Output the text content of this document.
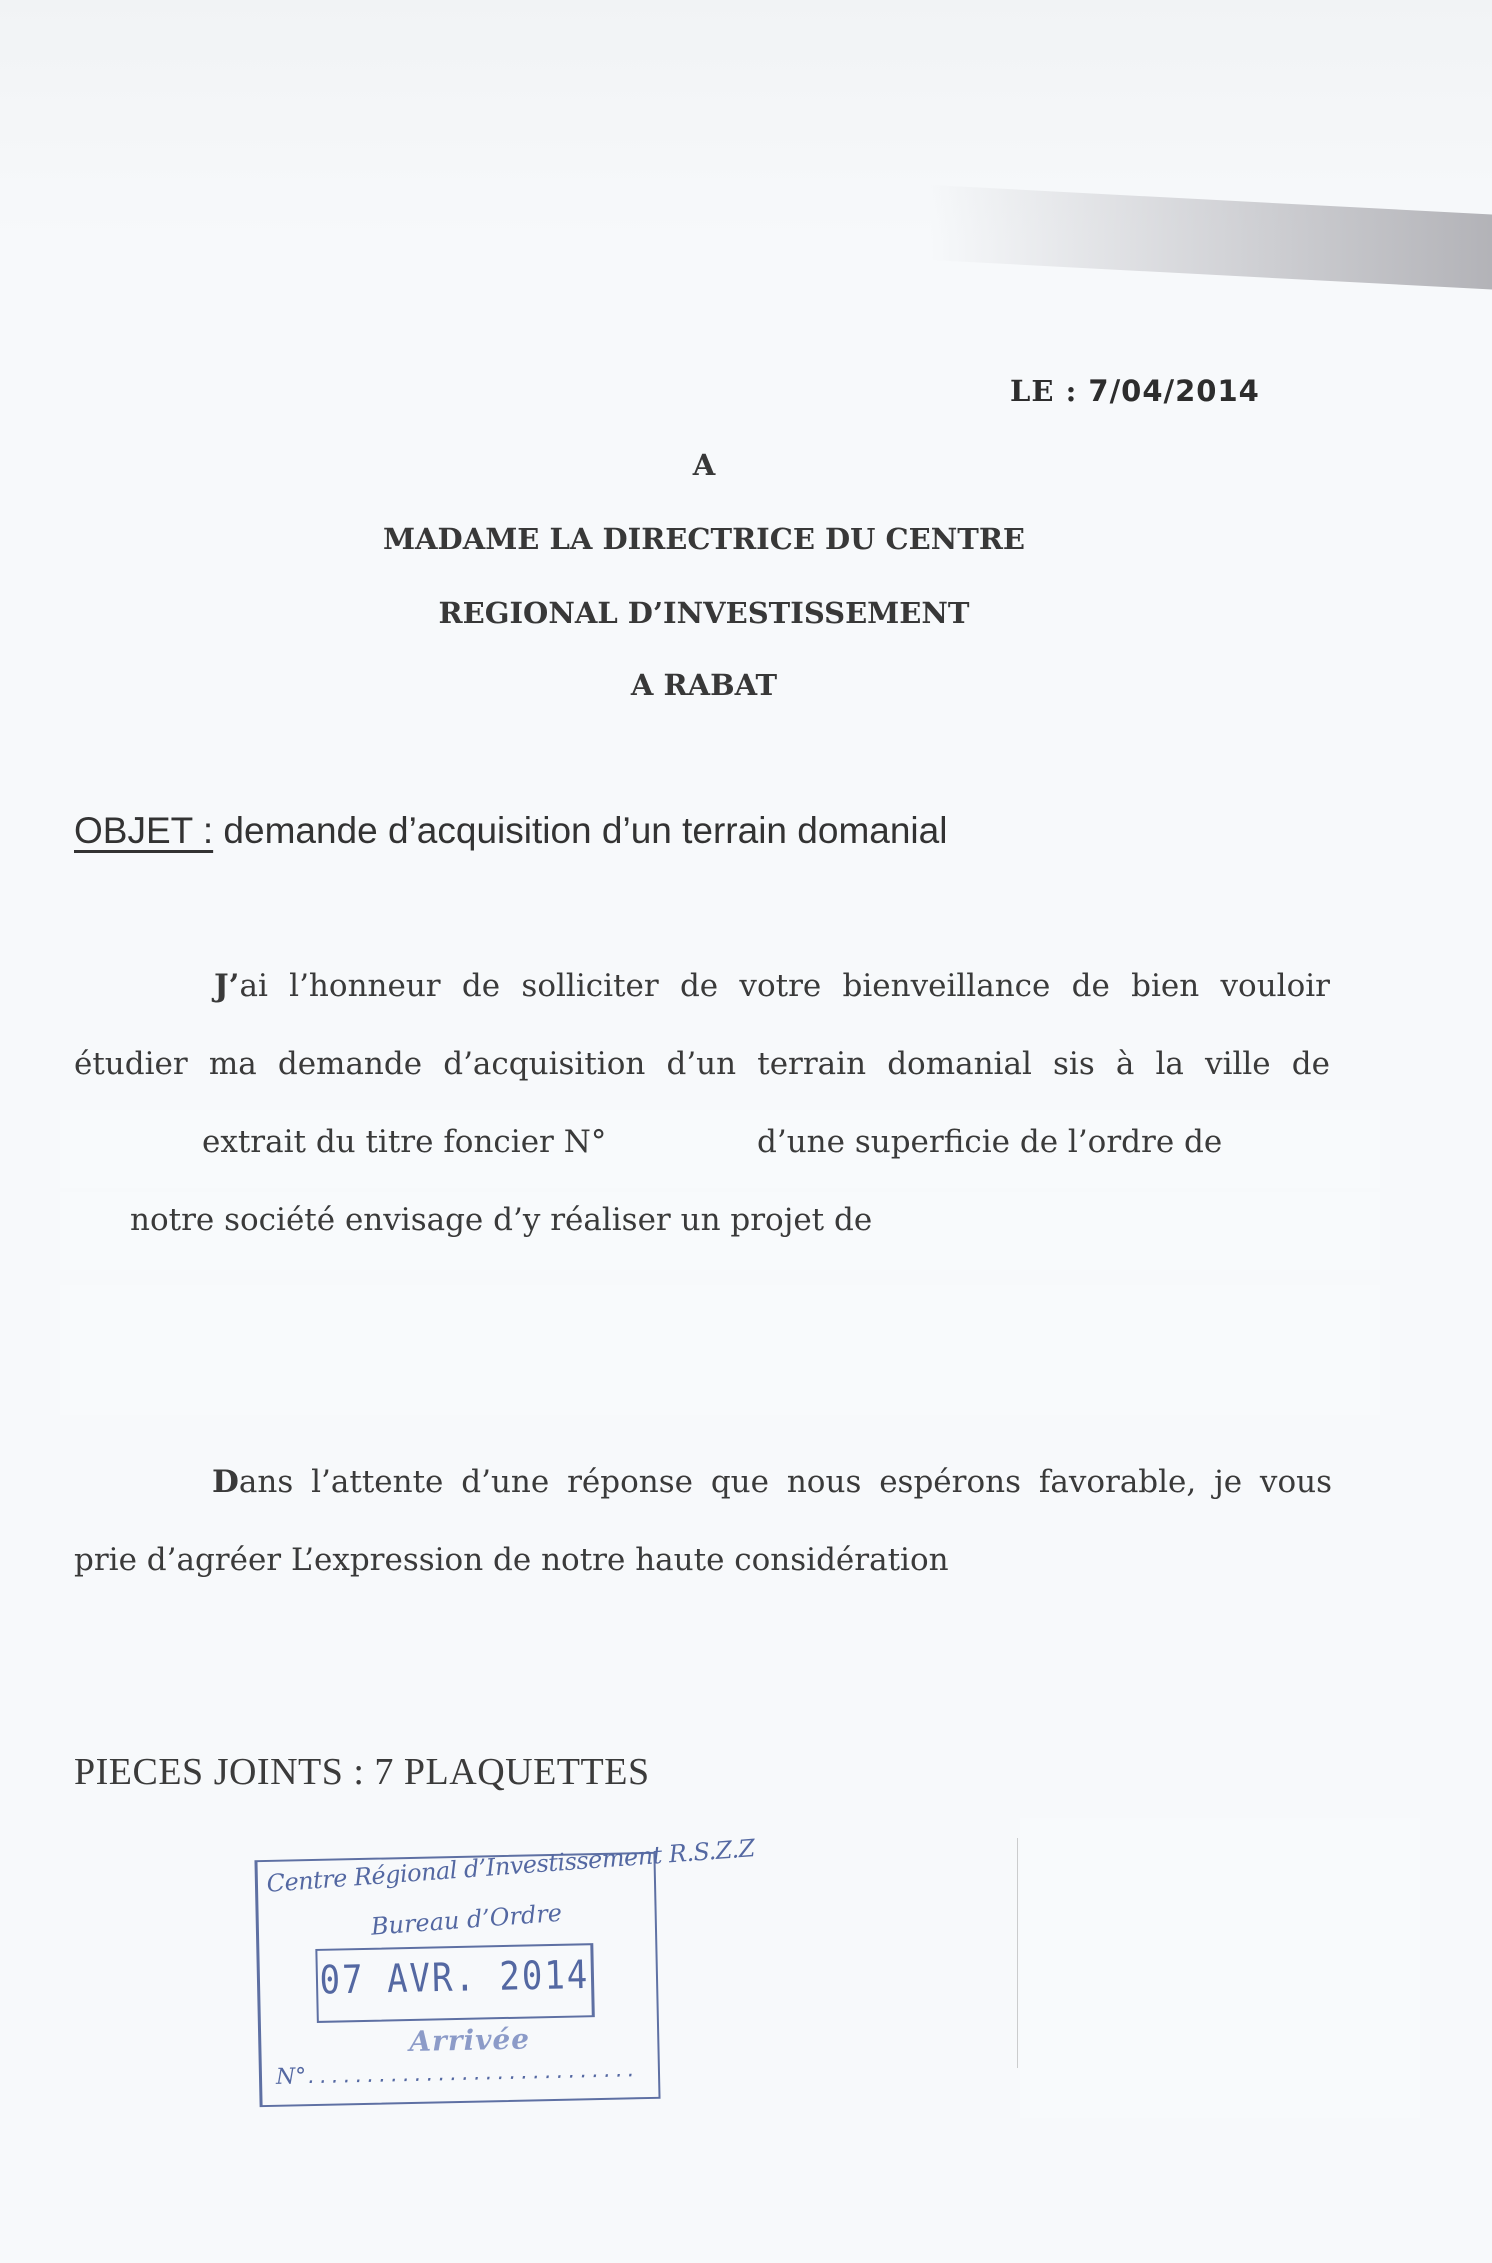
LE : 7/04/2014
A
MADAME LA DIRECTRICE DU CENTRE
REGIONAL D’INVESTISSEMENT
A RABAT
OBJET : demande d’acquisition d’un terrain domanial
J’ai l’honneur de solliciter de votre bienveillance de bien vouloir
étudier ma demande d’acquisition d’un terrain domanial sis à la ville de
extrait du titre foncier N°	d’une superficie de l’ordre de
notre société envisage d’y réaliser un projet de
Dans l’attente d’une réponse que nous espérons favorable, je vous
prie d’agréer L’expression de notre haute considération
PIECES JOINTS : 7 PLAQUETTES
Centre Régional d’Investissement R.S.Z.Z
Bureau d’Ordre
07 AVR. 2014
Arrivée
N°............................
